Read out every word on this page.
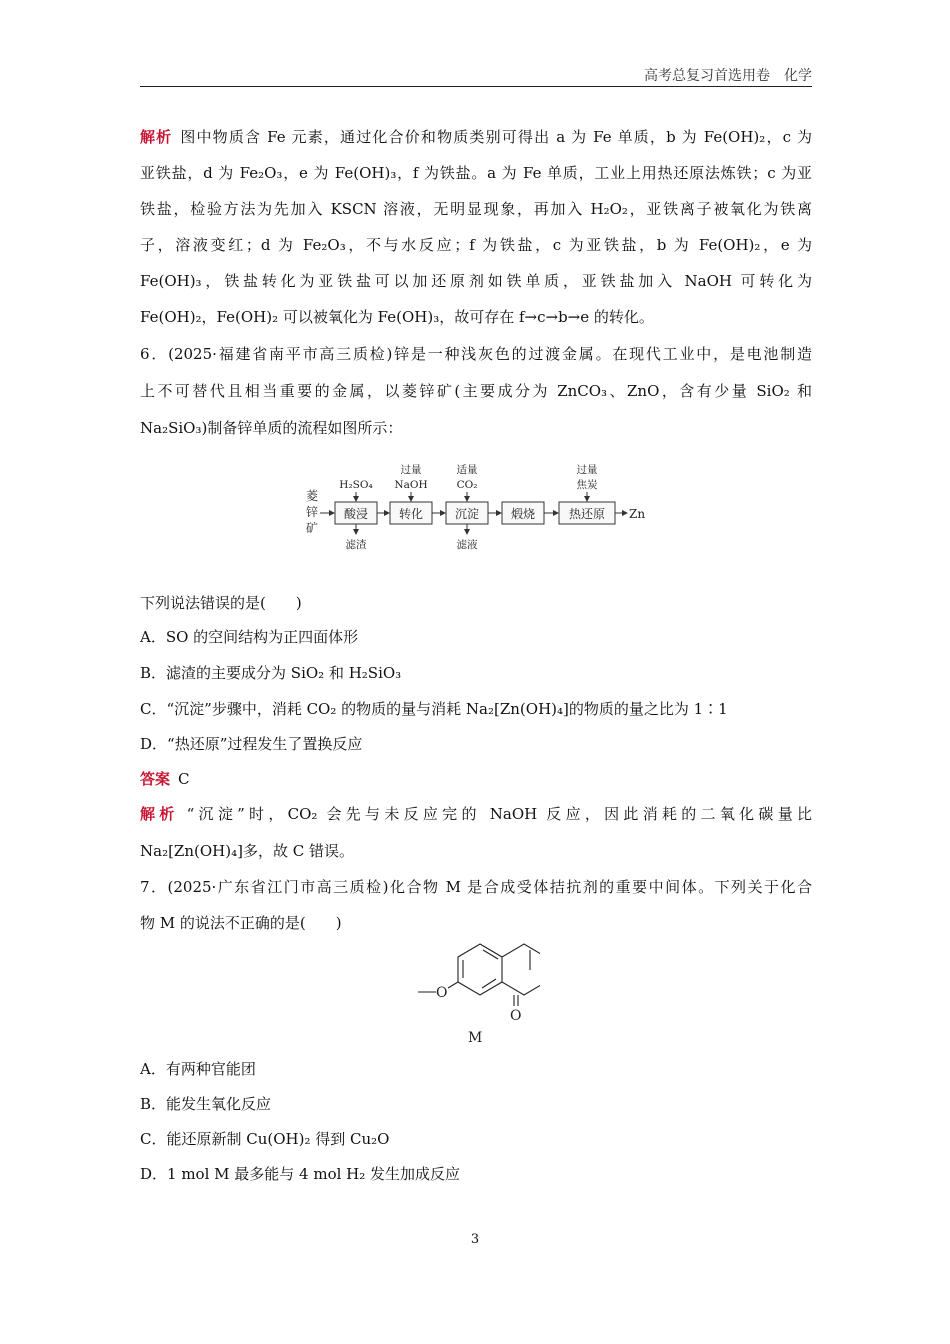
高考总复习首选用卷　化学
解析 图中物质含 Fe 元素，通过化合价和物质类别可得出 a 为 Fe 单质，b 为 Fe(OH)₂，c 为
亚铁盐，d 为 Fe₂O₃，e 为 Fe(OH)₃，f 为铁盐。a 为 Fe 单质，工业上用热还原法炼铁；c 为亚
铁盐，检验方法为先加入 KSCN 溶液，无明显现象，再加入 H₂O₂，亚铁离子被氧化为铁离
子，溶液变红；d 为 Fe₂O₃，不与水反应；f 为铁盐，c 为亚铁盐，b 为 Fe(OH)₂，e 为
Fe(OH)₃，铁盐转化为亚铁盐可以加还原剂如铁单质，亚铁盐加入 NaOH 可转化为
Fe(OH)₂，Fe(OH)₂ 可以被氧化为 Fe(OH)₃，故可存在 f→c→b→e 的转化。
6．(2025·福建省南平市高三质检)锌是一种浅灰色的过渡金属。在现代工业中，是电池制造
上不可替代且相当重要的金属，以菱锌矿(主要成分为 ZnCO₃、ZnO，含有少量 SiO₂ 和
Na₂SiO₃)制备锌单质的流程如图所示：
菱
锌
矿
酸浸	转化	沉淀	煅烧	热还原
H₂SO₄
过量
NaOH
适量
CO₂
过量
焦炭
滤渣	滤液
Zn
下列说法错误的是(　　)
A．SO 的空间结构为正四面体形
B．滤渣的主要成分为 SiO₂ 和 H₂SiO₃
C．“沉淀”步骤中，消耗 CO₂ 的物质的量与消耗 Na₂[Zn(OH)₄]的物质的量之比为 1∶1
D．“热还原”过程发生了置换反应
答案 C
解析 “沉淀”时，CO₂ 会先与未反应完的 NaOH 反应，因此消耗的二氧化碳量比
Na₂[Zn(OH)₄]多，故 C 错误。
7．(2025·广东省江门市高三质检)化合物 M 是合成受体拮抗剂的重要中间体。下列关于化合
物 M 的说法不正确的是(　　)
O
O
M
A．有两种官能团
B．能发生氧化反应
C．能还原新制 Cu(OH)₂ 得到 Cu₂O
D．1 mol M 最多能与 4 mol H₂ 发生加成反应
3
